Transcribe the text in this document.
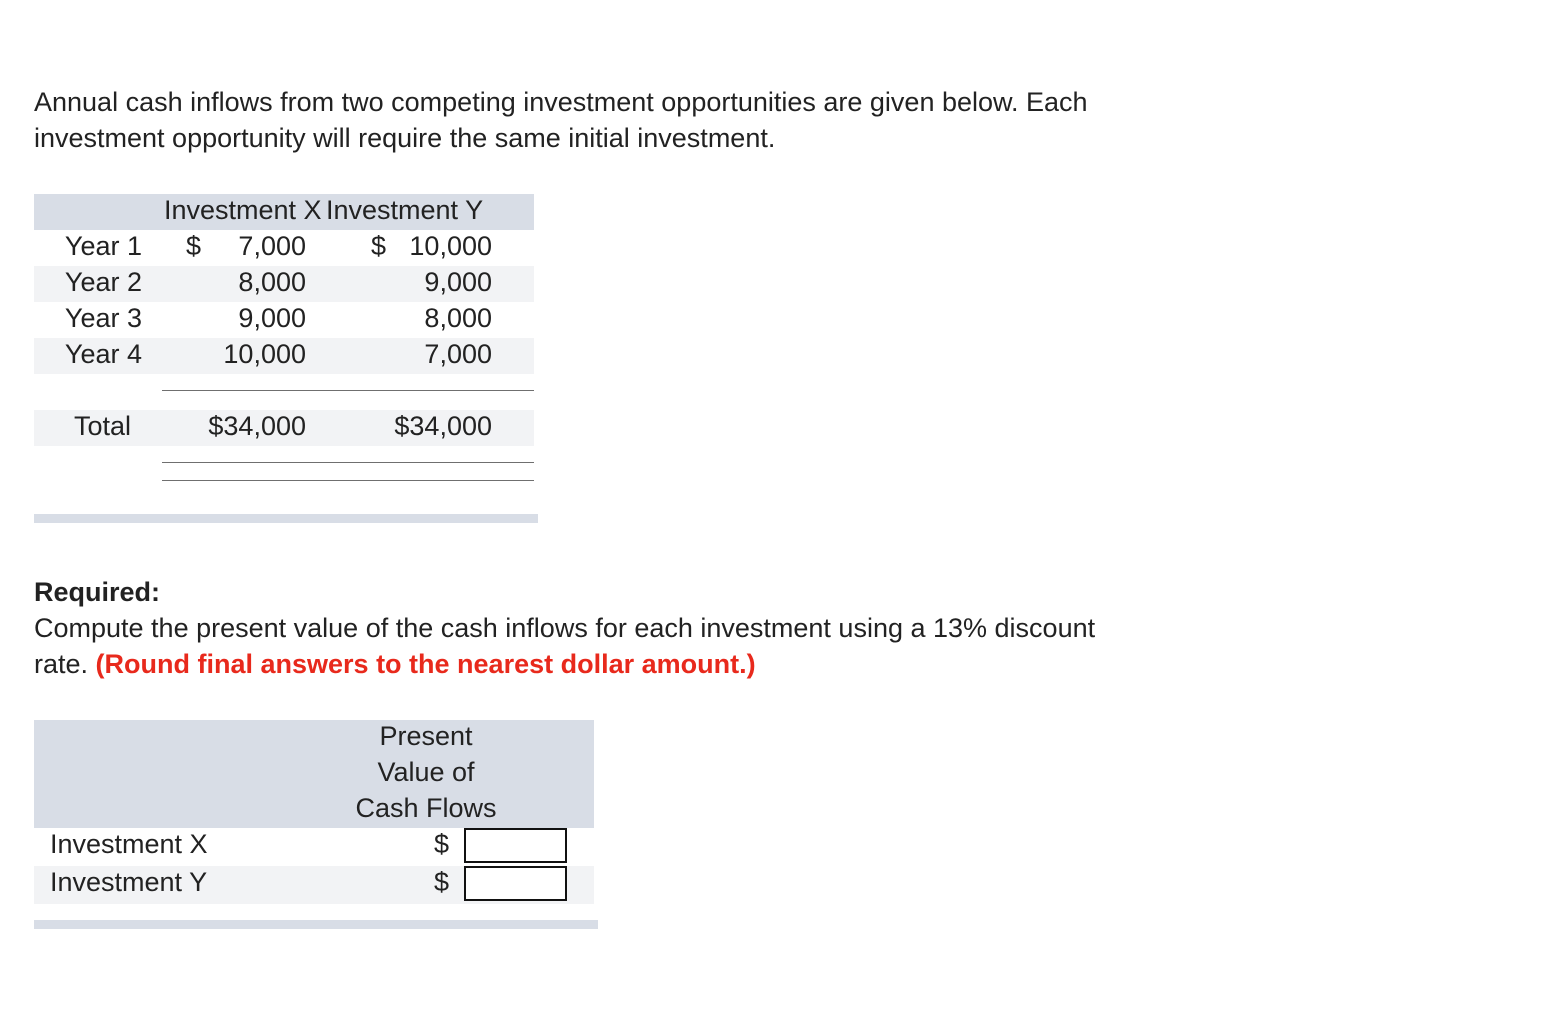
Annual cash inflows from two competing investment opportunities are given below. Each

investment opportunity will require the same initial investment.

Investment X Investment Y
Year 1 $	7,000 $ 10,000
Year 2	8,000	9,000
Year 3	9,000	8,000
Year 4	10,000	7,000
Total	$34,000	$34,000
Required:

Compute the present value of the cash inflows for each investment using a 13% discount

rate. (Round final answers to the nearest dollar amount.)

Present
Value of
Cash Flows
Investment X	$
Investment Y	$
